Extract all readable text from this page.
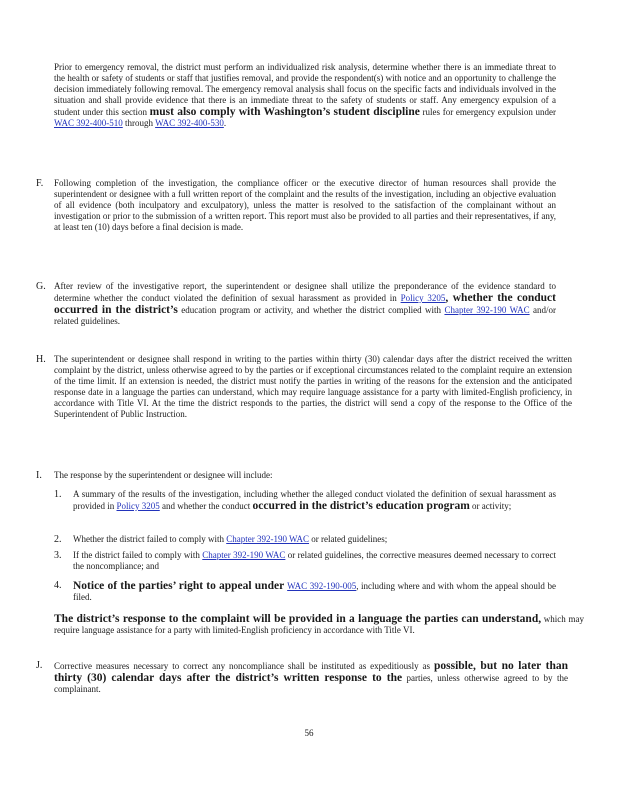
Prior to emergency removal, the district must perform an individualized risk analysis, determine whether there is an immediate threat to the health or safety of students or staff that justifies removal, and provide the respondent(s) with notice and an opportunity to challenge the decision immediately following removal. The emergency removal analysis shall focus on the specific facts and individuals involved in the situation and shall provide evidence that there is an immediate threat to the safety of students or staff. Any emergency expulsion of a student under this section must also comply with Washington’s student discipline rules for emergency expulsion under WAC 392-400-510 through WAC 392-400-530.

F. Following completion of the investigation, the compliance officer or the executive director of human resources shall provide the superintendent or designee with a full written report of the complaint and the results of the investigation, including an objective evaluation of all evidence (both inculpatory and exculpatory), unless the matter is resolved to the satisfaction of the complainant without an investigation or prior to the submission of a written report. This report must also be provided to all parties and their representatives, if any, at least ten (10) days before a final decision is made.

G. After review of the investigative report, the superintendent or designee shall utilize the preponderance of the evidence standard to determine whether the conduct violated the definition of sexual harassment as provided in Policy 3205, whether the conduct occurred in the district’s education program or activity, and whether the district complied with Chapter 392-190 WAC and/or related guidelines.

H. The superintendent or designee shall respond in writing to the parties within thirty (30) calendar days after the district received the written complaint by the district, unless otherwise agreed to by the parties or if exceptional circumstances related to the complaint require an extension of the time limit. If an extension is needed, the district must notify the parties in writing of the reasons for the extension and the anticipated response date in a language the parties can understand, which may require language assistance for a party with limited-English proficiency, in accordance with Title VI. At the time the district responds to the parties, the district will send a copy of the response to the Office of the Superintendent of Public Instruction.

I. The response by the superintendent or designee will include:

1. A summary of the results of the investigation, including whether the alleged conduct violated the definition of sexual harassment as provided in Policy 3205 and whether the conduct occurred in the district’s education program or activity;

2. Whether the district failed to comply with Chapter 392-190 WAC or related guidelines;

3. If the district failed to comply with Chapter 392-190 WAC or related guidelines, the corrective measures deemed necessary to correct the noncompliance; and

4. Notice of the parties’ right to appeal under WAC 392-190-005, including where and with whom the appeal should be filed.

The district’s response to the complaint will be provided in a language the parties can understand, which may require language assistance for a party with limited-English proficiency in accordance with Title VI.

J. Corrective measures necessary to correct any noncompliance shall be instituted as expeditiously as possible, but no later than thirty (30) calendar days after the district’s written response to the parties, unless otherwise agreed to by the complainant.

56
